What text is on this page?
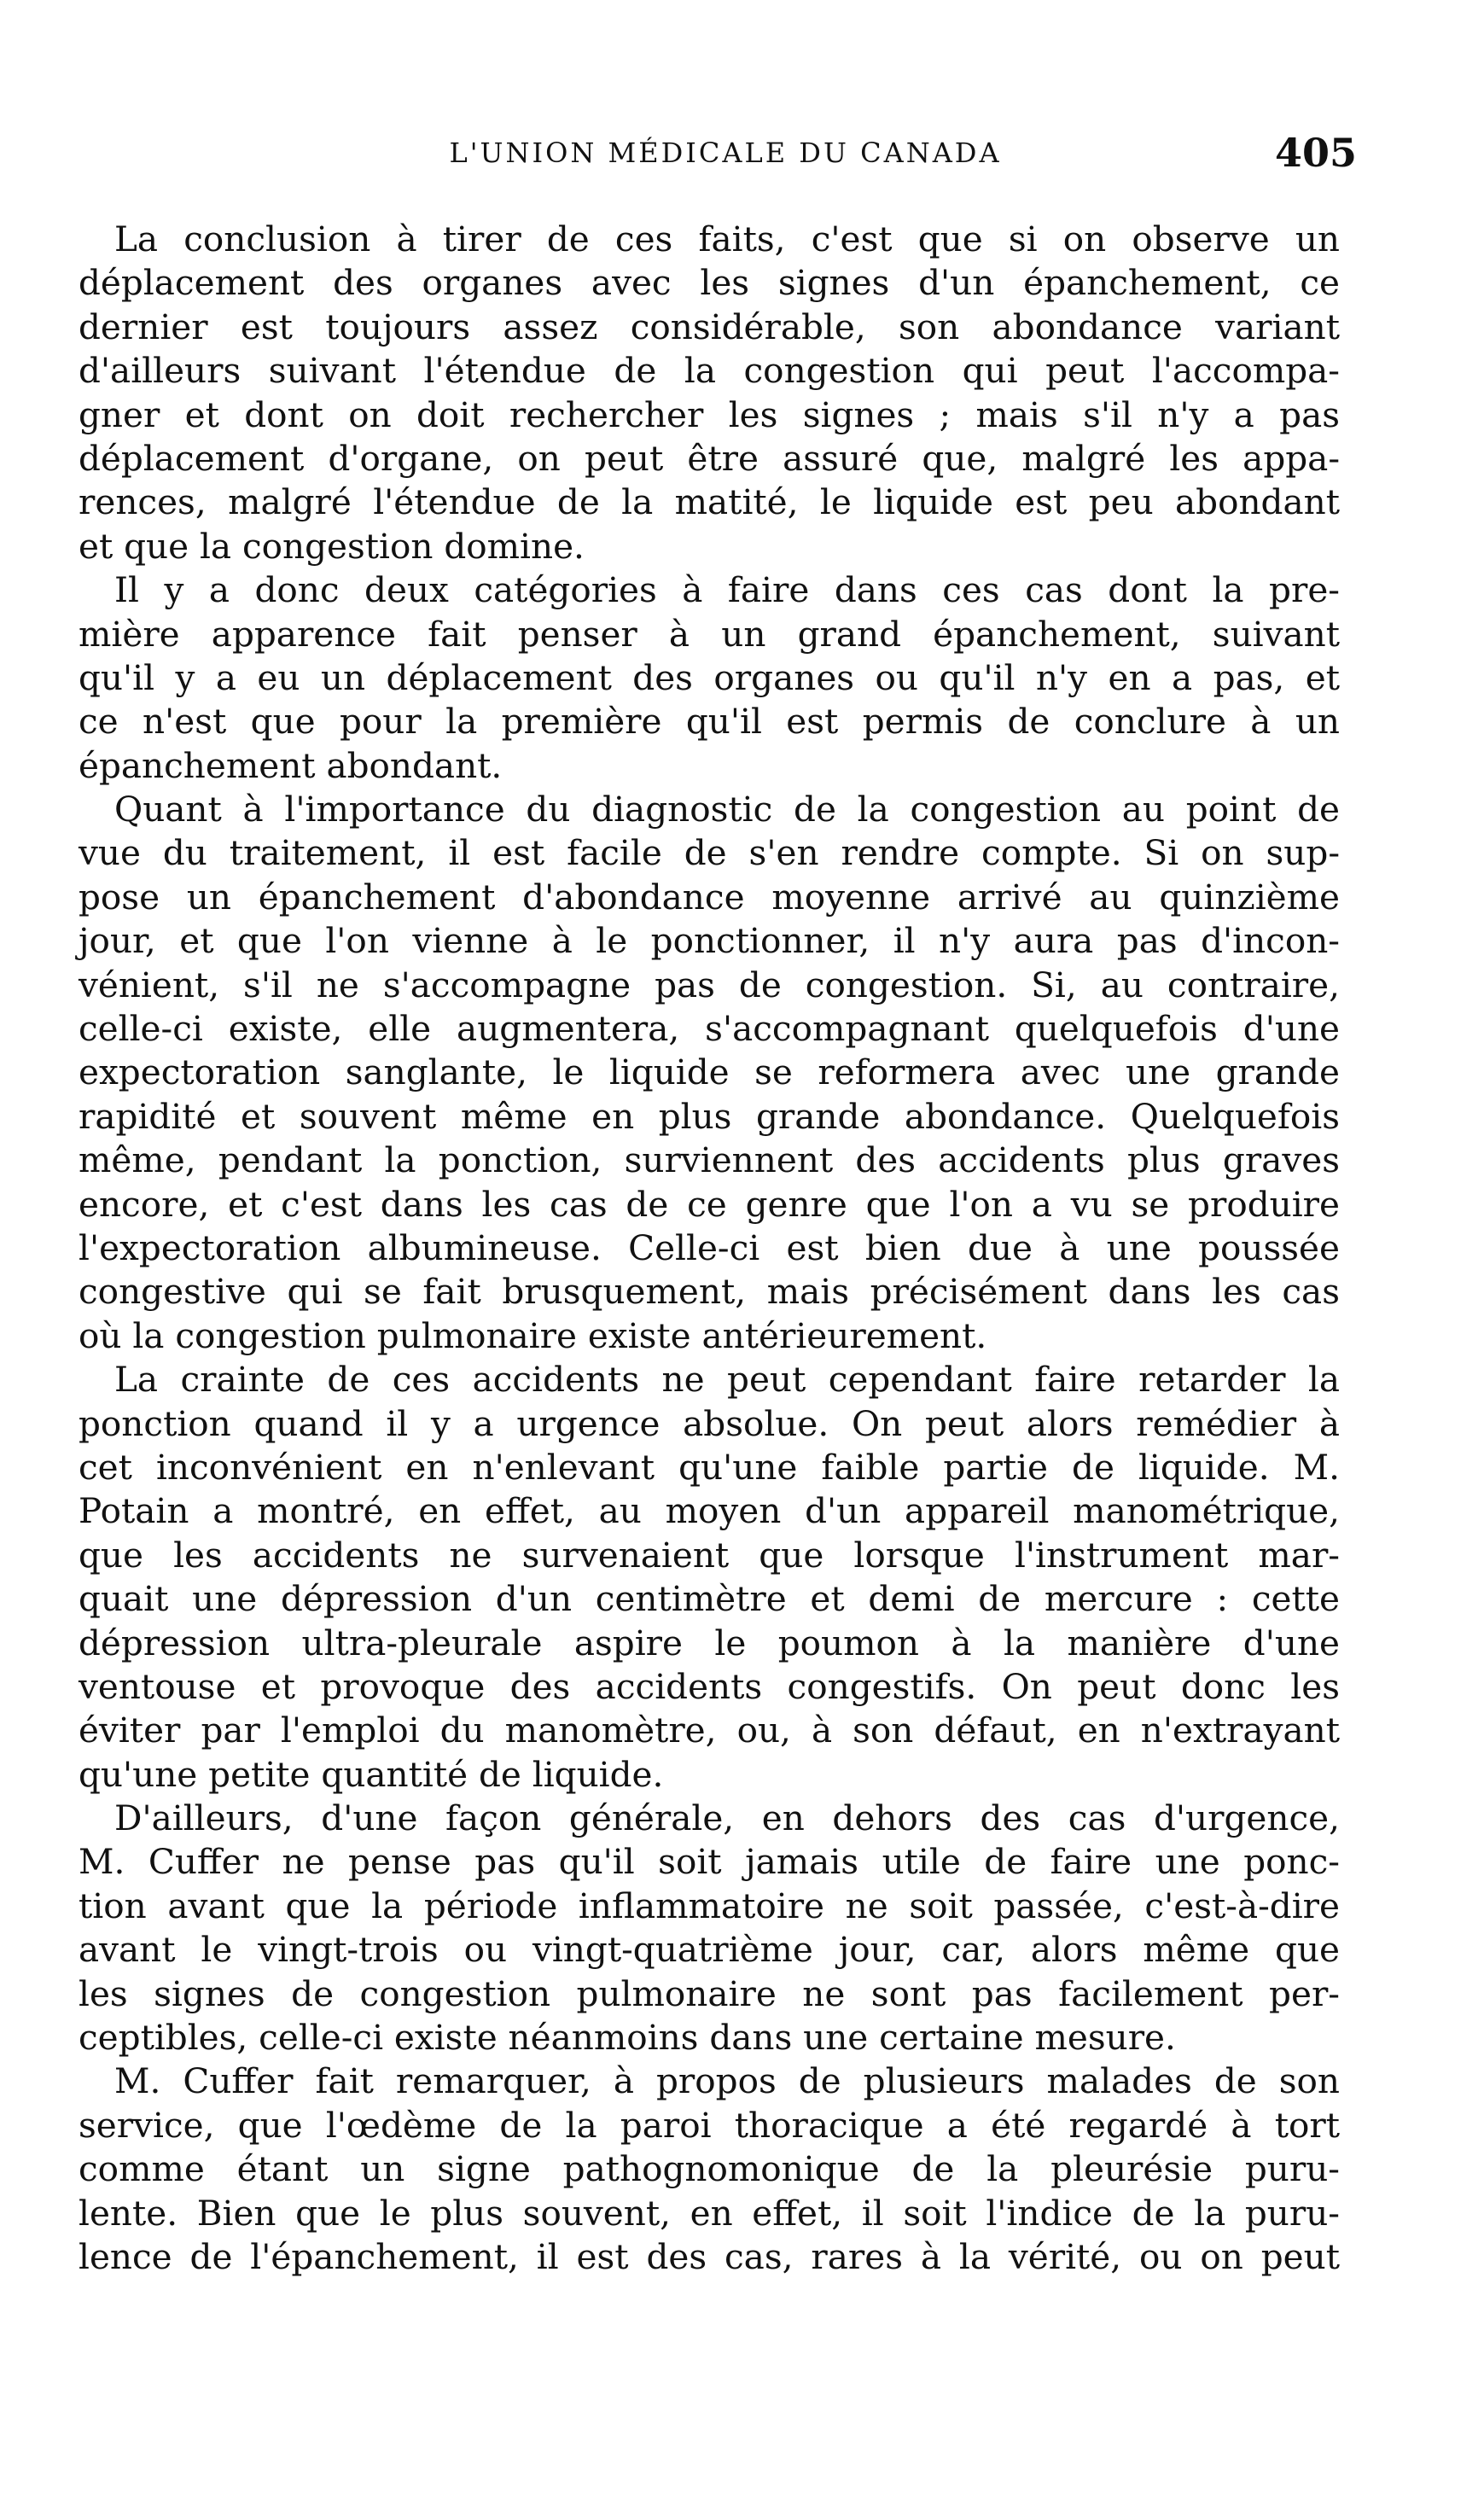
L'UNION MÉDICALE DU CANADA	405
La conclusion à tirer de ces faits, c'est que si on observe un
déplacement des organes avec les signes d'un épanchement, ce
dernier est toujours assez considérable, son abondance variant
d'ailleurs suivant l'étendue de la congestion qui peut l'accompa-
gner et dont on doit rechercher les signes ; mais s'il n'y a pas
déplacement d'organe, on peut être assuré que, malgré les appa-
rences, malgré l'étendue de la matité, le liquide est peu abondant
et que la congestion domine.
Il y a donc deux catégories à faire dans ces cas dont la pre-
mière apparence fait penser à un grand épanchement, suivant
qu'il y a eu un déplacement des organes ou qu'il n'y en a pas, et
ce n'est que pour la première qu'il est permis de conclure à un
épanchement abondant.
Quant à l'importance du diagnostic de la congestion au point de
vue du traitement, il est facile de s'en rendre compte. Si on sup-
pose un épanchement d'abondance moyenne arrivé au quinzième
jour, et que l'on vienne à le ponctionner, il n'y aura pas d'incon-
vénient, s'il ne s'accompagne pas de congestion. Si, au contraire,
celle-ci existe, elle augmentera, s'accompagnant quelquefois d'une
expectoration sanglante, le liquide se reformera avec une grande
rapidité et souvent même en plus grande abondance. Quelquefois
même, pendant la ponction, surviennent des accidents plus graves
encore, et c'est dans les cas de ce genre que l'on a vu se produire
l'expectoration albumineuse. Celle-ci est bien due à une poussée
congestive qui se fait brusquement, mais précisément dans les cas
où la congestion pulmonaire existe antérieurement.
La crainte de ces accidents ne peut cependant faire retarder la
ponction quand il y a urgence absolue. On peut alors remédier à
cet inconvénient en n'enlevant qu'une faible partie de liquide. M.
Potain a montré, en effet, au moyen d'un appareil manométrique,
que les accidents ne survenaient que lorsque l'instrument mar-
quait une dépression d'un centimètre et demi de mercure : cette
dépression ultra-pleurale aspire le poumon à la manière d'une
ventouse et provoque des accidents congestifs. On peut donc les
éviter par l'emploi du manomètre, ou, à son défaut, en n'extrayant
qu'une petite quantité de liquide.
D'ailleurs, d'une façon générale, en dehors des cas d'urgence,
M. Cuffer ne pense pas qu'il soit jamais utile de faire une ponc-
tion avant que la période inflammatoire ne soit passée, c'est-à-dire
avant le vingt-trois ou vingt-quatrième jour, car, alors même que
les signes de congestion pulmonaire ne sont pas facilement per-
ceptibles, celle-ci existe néanmoins dans une certaine mesure.
M. Cuffer fait remarquer, à propos de plusieurs malades de son
service, que l'œdème de la paroi thoracique a été regardé à tort
comme étant un signe pathognomonique de la pleurésie puru-
lente. Bien que le plus souvent, en effet, il soit l'indice de la puru-
lence de l'épanchement, il est des cas, rares à la vérité, ou on peut
